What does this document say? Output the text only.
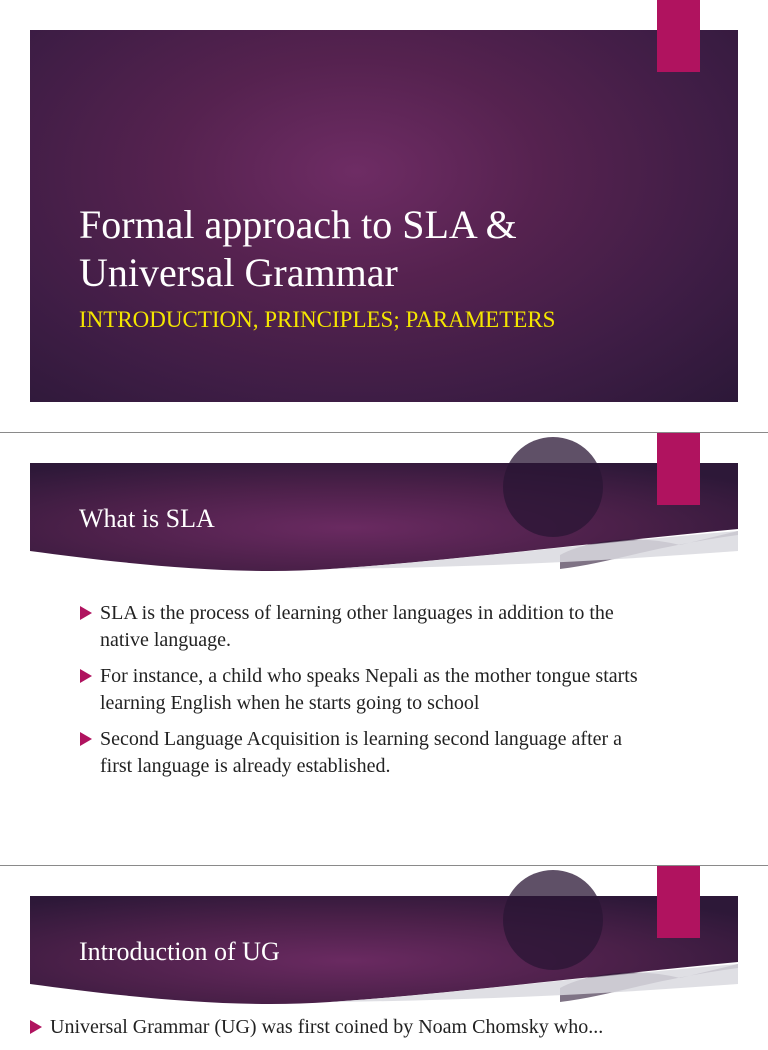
Formal approach to SLA &
Universal Grammar

INTRODUCTION, PRINCIPLES; PARAMETERS

What is SLA
SLA is the process of learning other languages in addition to the
native language.
For instance, a child who speaks Nepali as the mother tongue starts
learning English when he starts going to school
Second Language Acquisition is learning second language after a
first language is already established.
Introduction of UG
Universal Grammar (UG) was first coined by Noam Chomsky who...
